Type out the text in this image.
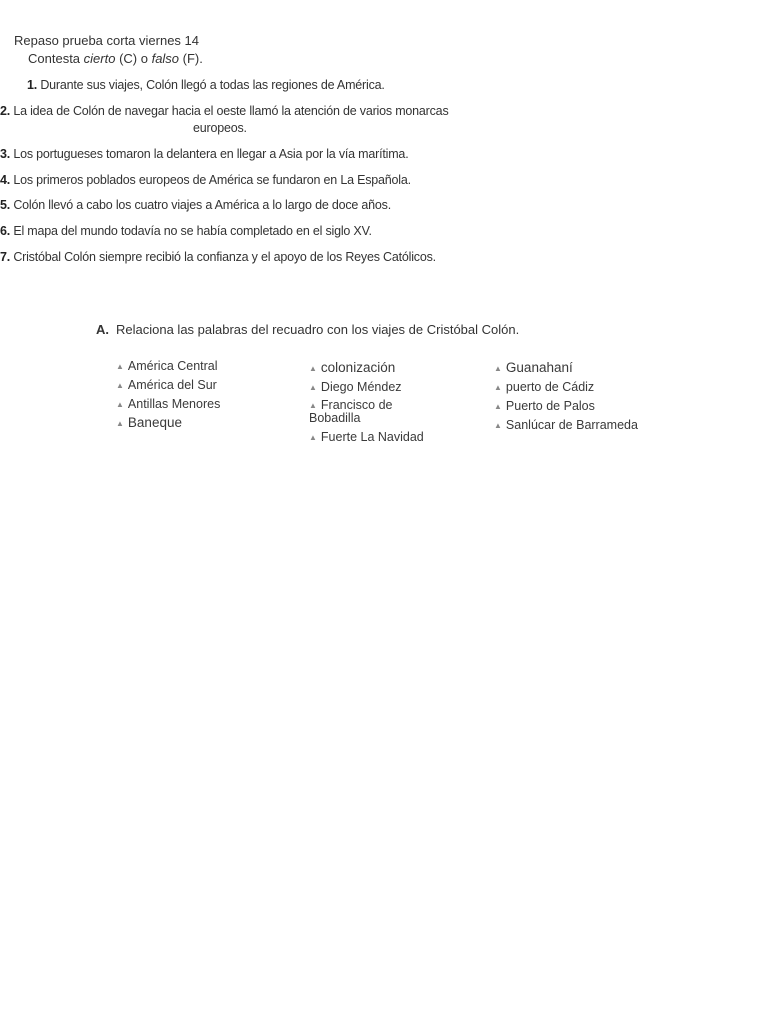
Repaso prueba corta viernes 14
Contesta cierto (C) o falso (F).
1. Durante sus viajes, Colón llegó a todas las regiones de América.
2. La idea de Colón de navegar hacia el oeste llamó la atención de varios monarcas
europeos.
3. Los portugueses tomaron la delantera en llegar a Asia por la vía marítima.
4. Los primeros poblados europeos de América se fundaron en La Española.
5. Colón llevó a cabo los cuatro viajes a América a lo largo de doce años.
6. El mapa del mundo todavía no se había completado en el siglo XV.
7. Cristóbal Colón siempre recibió la confianza y el apoyo de los Reyes Católicos.
A. Relaciona las palabras del recuadro con los viajes de Cristóbal Colón.
▲ América Central
▲ América del Sur
▲ Antillas Menores
▲ Baneque
▲ colonización
▲ Diego Méndez
▲ Francisco de Bobadilla
▲ Fuerte La Navidad
▲ Guanahaní
▲ puerto de Cádiz
▲ Puerto de Palos
▲ Sanlúcar de Barrameda
